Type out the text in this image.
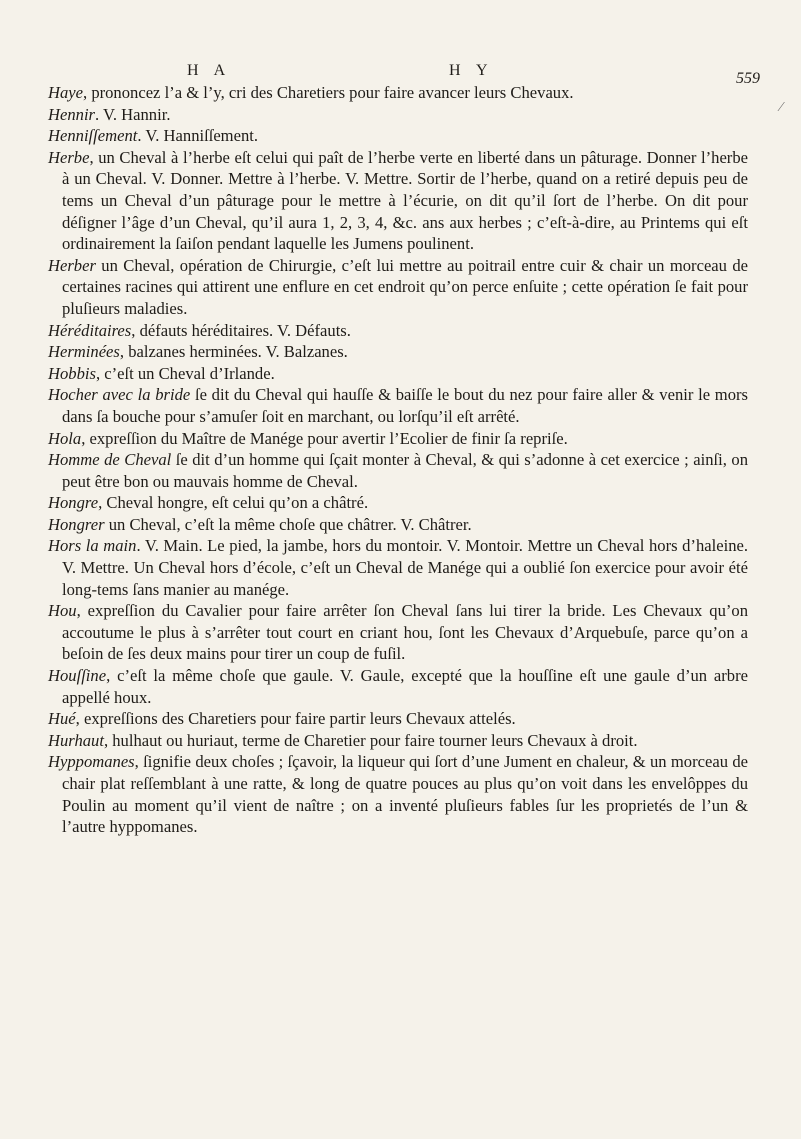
H A	H Y	559

Haye, prononcez l’a & l’y, cri des Charetiers pour faire avancer leurs Chevaux.

Hennir. V. Hannir.

Henniſſement. V. Hanniſſement.

Herbe, un Cheval à l’herbe eſt celui qui paît de l’herbe verte en liberté dans un pâturage. Donner l’herbe à un Cheval. V. Donner. Mettre à l’herbe. V. Mettre. Sortir de l’herbe, quand on a retiré depuis peu de tems un Cheval d’un pâturage pour le mettre à l’écurie, on dit qu’il ſort de l’herbe. On dit pour déſigner l’âge d’un Cheval, qu’il aura 1, 2, 3, 4, &c. ans aux herbes ; c’eſt-à-dire, au Printems qui eſt ordinairement la ſaiſon pendant laquelle les Jumens poulinent.

Herber un Cheval, opération de Chirurgie, c’eſt lui mettre au poitrail entre cuir & chair un morceau de certaines racines qui attirent une enflure en cet endroit qu’on perce enſuite ; cette opération ſe fait pour pluſieurs maladies.

Héréditaires, défauts héréditaires. V. Défauts.

Herminées, balzanes herminées. V. Balzanes.

Hobbis, c’eſt un Cheval d’Irlande.

Hocher avec la bride ſe dit du Cheval qui hauſſe & baiſſe le bout du nez pour faire aller & venir le mors dans ſa bouche pour s’amuſer ſoit en marchant, ou lorſqu’il eſt arrêté.

Hola, expreſſion du Maître de Manége pour avertir l’Ecolier de finir ſa repriſe.

Homme de Cheval ſe dit d’un homme qui ſçait monter à Cheval, & qui s’adonne à cet exercice ; ainſi, on peut être bon ou mauvais homme de Cheval.

Hongre, Cheval hongre, eſt celui qu’on a châtré.

Hongrer un Cheval, c’eſt la même choſe que châtrer. V. Châtrer.

Hors la main. V. Main. Le pied, la jambe, hors du montoir. V. Montoir. Mettre un Cheval hors d’haleine. V. Mettre. Un Cheval hors d’école, c’eſt un Cheval de Manége qui a oublié ſon exercice pour avoir été long-tems ſans manier au manége.

Hou, expreſſion du Cavalier pour faire arrêter ſon Cheval ſans lui tirer la bride. Les Chevaux qu’on accoutume le plus à s’arrêter tout court en criant hou, ſont les Chevaux d’Arquebuſe, parce qu’on a beſoin de ſes deux mains pour tirer un coup de fuſil.

Houſſine, c’eſt la même choſe que gaule. V. Gaule, excepté que la houſſine eſt une gaule d’un arbre appellé houx.

Hué, expreſſions des Charetiers pour faire partir leurs Chevaux attelés.

Hurhaut, hulhaut ou huriaut, terme de Charetier pour faire tourner leurs Chevaux à droit.

Hyppomanes, ſignifie deux choſes ; ſçavoir, la liqueur qui ſort d’une Jument en chaleur, & un morceau de chair plat reſſemblant à une ratte, & long de quatre pouces au plus qu’on voit dans les envelôppes du Poulin au moment qu’il vient de naître ; on a inventé pluſieurs fables ſur les proprietés de l’un & l’autre hyppomanes.

⁄
